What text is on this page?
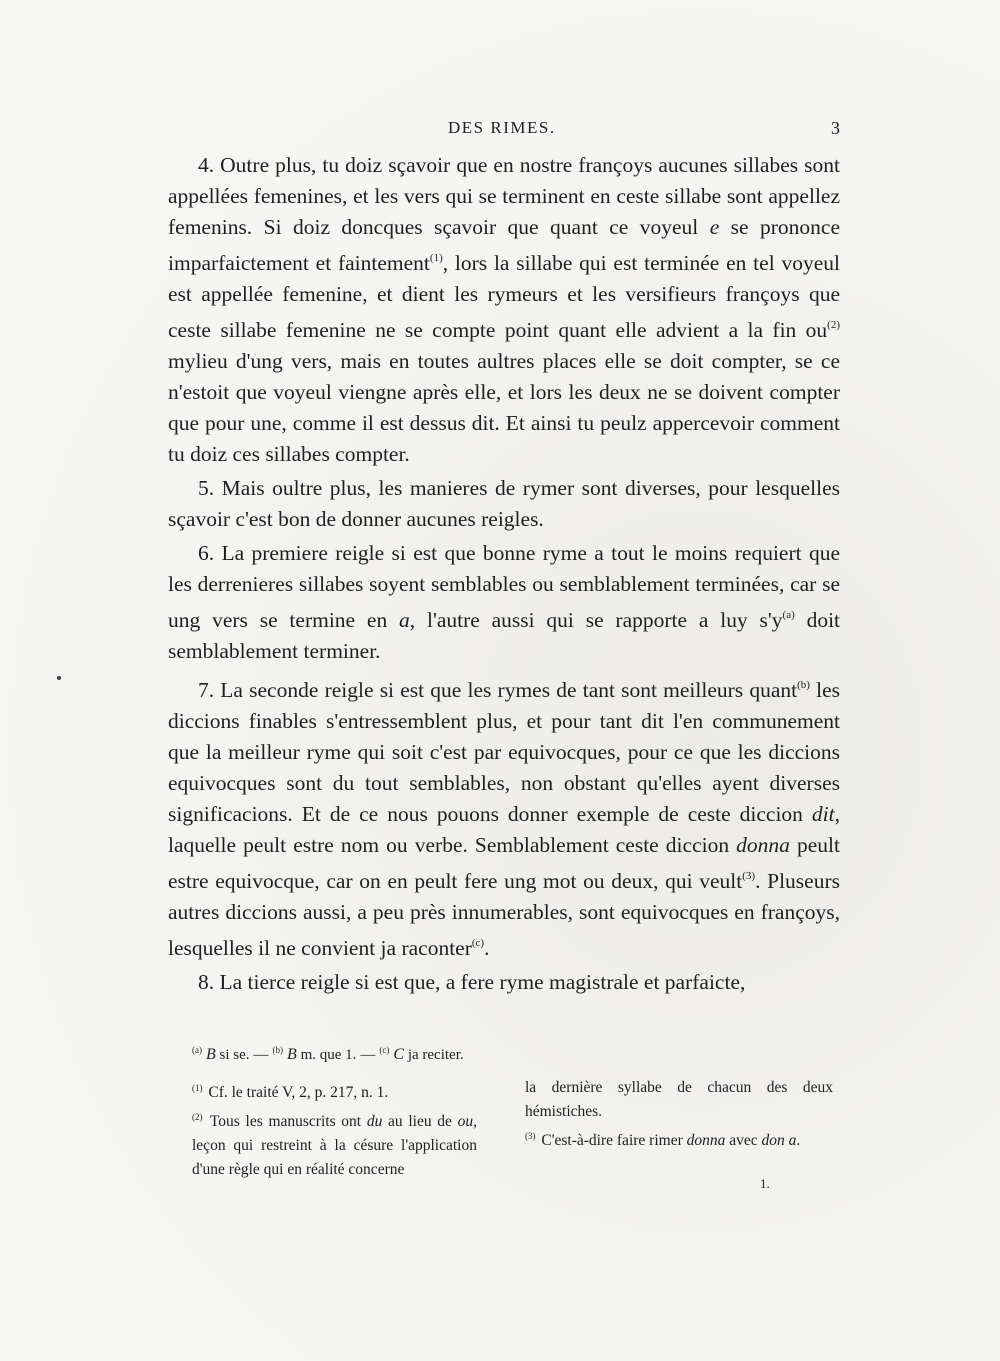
DES RIMES.	3

4. Outre plus, tu doiz sçavoir que en nostre françoys aucunes sillabes sont appellées femenines, et les vers qui se terminent en ceste sillabe sont appellez femenins. Si doiz doncques sçavoir que quant ce voyeul e se prononce imparfaictement et faintement$^{(1)}$, lors la sillabe qui est terminée en tel voyeul est appellée femenine, et dient les rymeurs et les versifieurs françoys que ceste sillabe femenine ne se compte point quant elle advient a la fin $ou^{(2)}$ mylieu d'ung vers, mais en toutes aultres places elle se doit compter, se ce n'estoit que voyeul viengne après elle, et lors les deux ne se doivent compter que pour une, comme il est dessus dit. Et ainsi tu peulz appercevoir comment tu doiz ces sillabes compter.

5. Mais oultre plus, les manieres de rymer sont diverses, pour lesquelles sçavoir c'est bon de donner aucunes reigles.

6. La premiere reigle si est que bonne ryme a tout le moins requiert que les derrenieres sillabes soyent semblables ou semblablement terminées, car se ung vers se termine en a, l'autre aussi qui se rapporte a luy $s'y^{(a)}$ doit semblablement terminer.

7. La seconde reigle si est que les rymes de tant sont meilleurs quant$^{(b)}$ les diccions finables s'entressemblent plus, et pour tant dit l'en communement que la meilleur ryme qui soit c'est par equivocques, pour ce que les diccions equivocques sont du tout semblables, non obstant qu'elles ayent diverses significacions. Et de ce nous pouons donner exemple de ceste diccion dit, laquelle peult estre nom ou verbe. Semblablement ceste diccion donna peult estre equivocque, car on en peult fere ung mot ou deux, qui veult$^{(3)}$. Pluseurs autres diccions aussi, a peu près innumerables, sont equivocques en françoys, lesquelles il ne convient ja raconter$^{(c)}$.

8. La tierce reigle si est que, a fere ryme magistrale et parfaicte,

$^{(a)}$ B si se. — $^{(b)}$ B m. que 1. — $^{(c)}$ C ja reciter.

$^{(1)}$ Cf. le traité V, 2, p. 217, n. 1.

$^{(2)}$ Tous les manuscrits ont du au lieu de ou, leçon qui restreint à la césure l'application d'une règle qui en réalité concerne

la dernière syllabe de chacun des deux hémistiches.

$^{(3)}$ C'est-à-dire faire rimer donna avec don a.

1.
